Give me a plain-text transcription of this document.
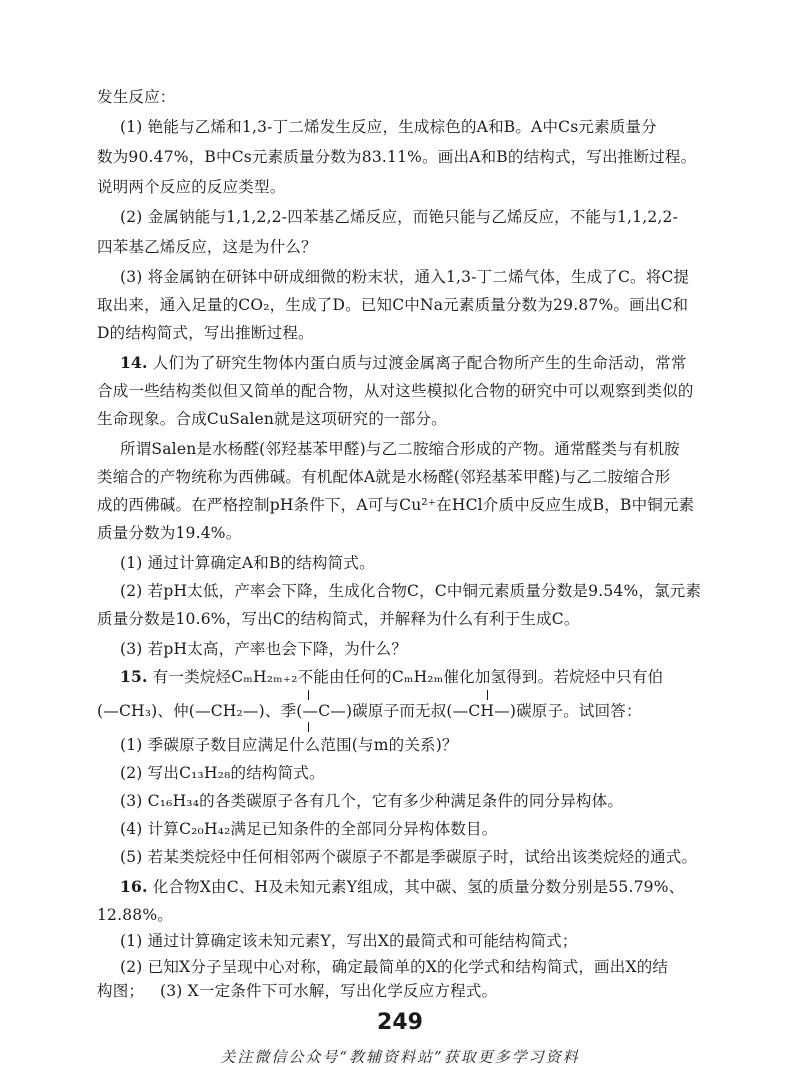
发生反应：
(1) 铯能与乙烯和1,3-丁二烯发生反应，生成棕色的A和B。A中Cs元素质量分
数为90.47%，B中Cs元素质量分数为83.11%。画出A和B的结构式，写出推断过程。
说明两个反应的反应类型。
(2) 金属钠能与1,1,2,2-四苯基乙烯反应，而铯只能与乙烯反应，不能与1,1,2,2-
四苯基乙烯反应，这是为什么？
(3) 将金属钠在研钵中研成细微的粉末状，通入1,3-丁二烯气体，生成了C。将C提
取出来，通入足量的CO₂，生成了D。已知C中Na元素质量分数为29.87%。画出C和
D的结构简式，写出推断过程。
14. 人们为了研究生物体内蛋白质与过渡金属离子配合物所产生的生命活动，常常
合成一些结构类似但又简单的配合物，从对这些模拟化合物的研究中可以观察到类似的
生命现象。合成CuSalen就是这项研究的一部分。
所谓Salen是水杨醛(邻羟基苯甲醛)与乙二胺缩合形成的产物。通常醛类与有机胺
类缩合的产物统称为西佛碱。有机配体A就是水杨醛(邻羟基苯甲醛)与乙二胺缩合形
成的西佛碱。在严格控制pH条件下，A可与Cu²⁺在HCl介质中反应生成B，B中铜元素
质量分数为19.4%。
(1) 通过计算确定A和B的结构简式。
(2) 若pH太低，产率会下降，生成化合物C，C中铜元素质量分数是9.54%，氯元素
质量分数是10.6%，写出C的结构简式，并解释为什么有利于生成C。
(3) 若pH太高，产率也会下降，为什么？
15. 有一类烷烃CₘH₂ₘ₊₂不能由任何的CₘH₂ₘ催化加氢得到。若烷烃中只有伯
(—CH₃)、仲(—CH₂—)、季(—C—)碳原子而无叔(—CH—)碳原子。试回答：
(1) 季碳原子数目应满足什么范围(与m的关系)？
(2) 写出C₁₃H₂₈的结构简式。
(3) C₁₆H₃₄的各类碳原子各有几个，它有多少种满足条件的同分异构体。
(4) 计算C₂₀H₄₂满足已知条件的全部同分异构体数目。
(5) 若某类烷烃中任何相邻两个碳原子不都是季碳原子时，试给出该类烷烃的通式。
16. 化合物X由C、H及未知元素Y组成，其中碳、氢的质量分数分别是55.79%、
12.88%。
(1) 通过计算确定该未知元素Y，写出X的最简式和可能结构简式；
(2) 已知X分子呈现中心对称，确定最简单的X的化学式和结构简式，画出X的结
构图； (3) X一定条件下可水解，写出化学反应方程式。
249
关注微信公众号“教辅资料站”获取更多学习资料
